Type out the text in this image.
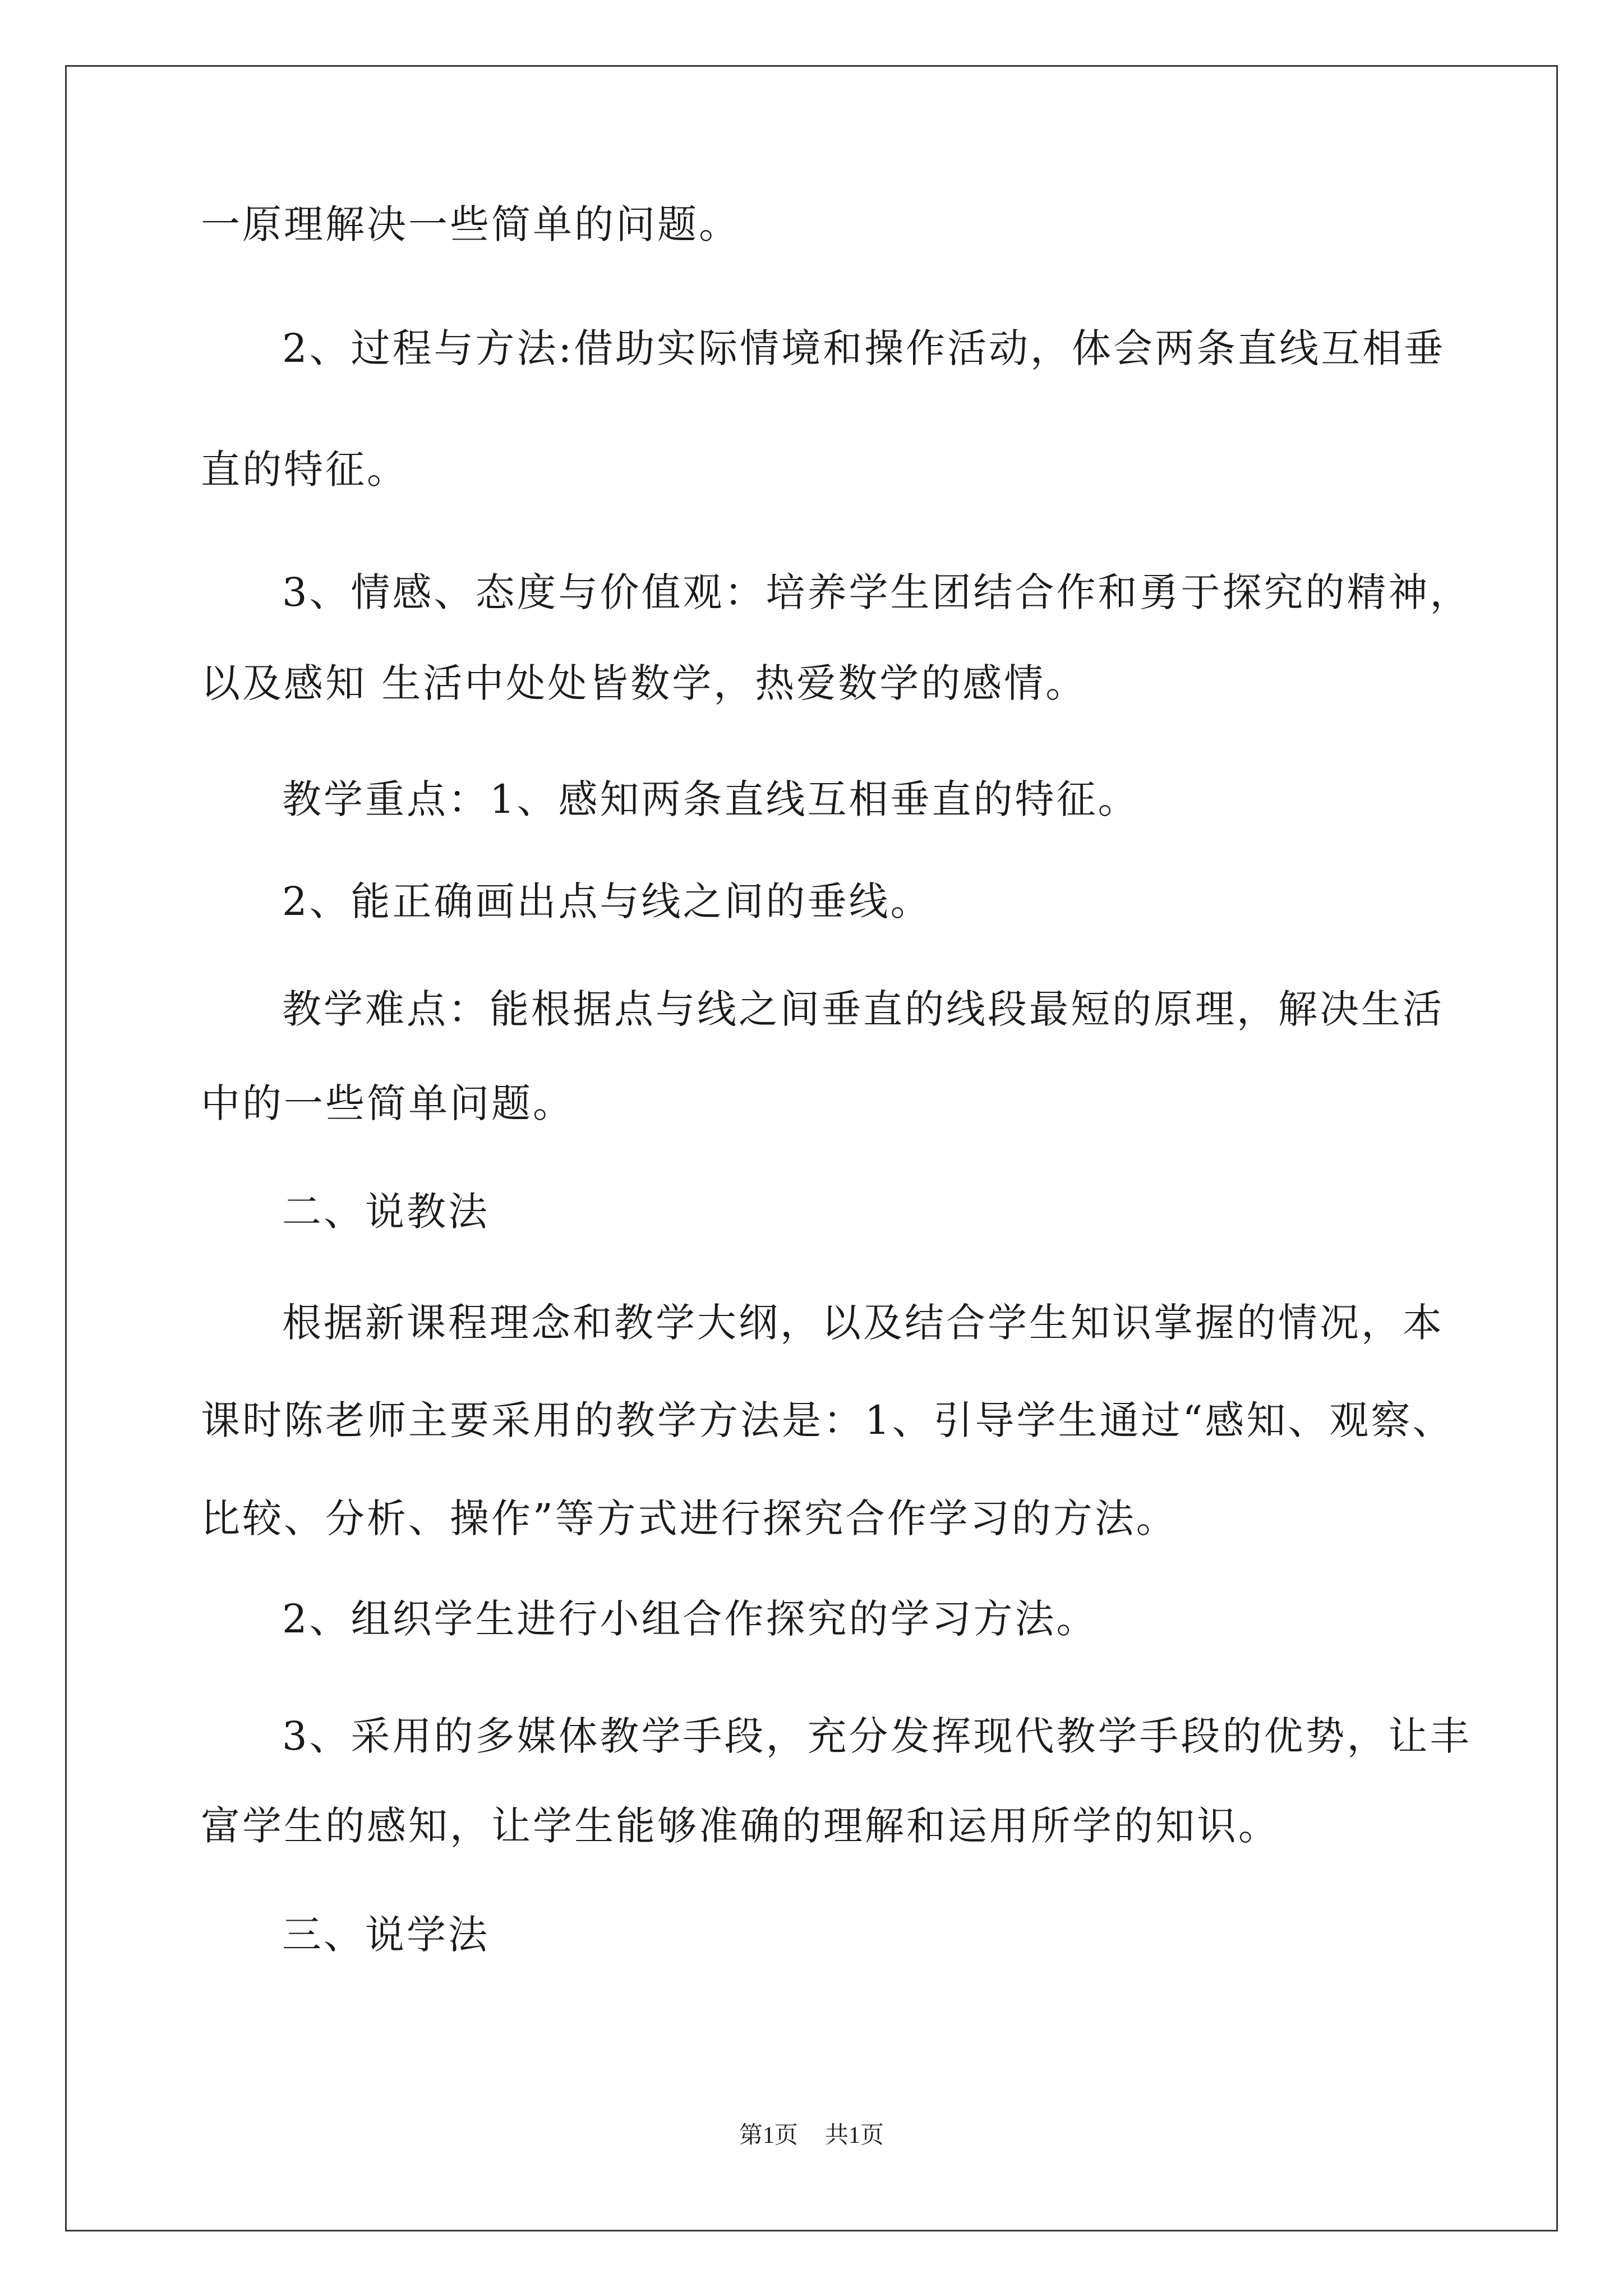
一原理解决一些简单的问题。
2、过程与方法:借助实际情境和操作活动，体会两条直线互相垂
直的特征。
3、情感、态度与价值观：培养学生团结合作和勇于探究的精神，
以及感知 生活中处处皆数学，热爱数学的感情。
教学重点：1、感知两条直线互相垂直的特征。
2、能正确画出点与线之间的垂线。
教学难点：能根据点与线之间垂直的线段最短的原理，解决生活
中的一些简单问题。
二、说教法
根据新课程理念和教学大纲，以及结合学生知识掌握的情况，本
课时陈老师主要采用的教学方法是：1、引导学生通过“感知、观察、
比较、分析、操作”等方式进行探究合作学习的方法。
2、组织学生进行小组合作探究的学习方法。
3、采用的多媒体教学手段，充分发挥现代教学手段的优势，让丰
富学生的感知，让学生能够准确的理解和运用所学的知识。
三、说学法
第1页 共1页
